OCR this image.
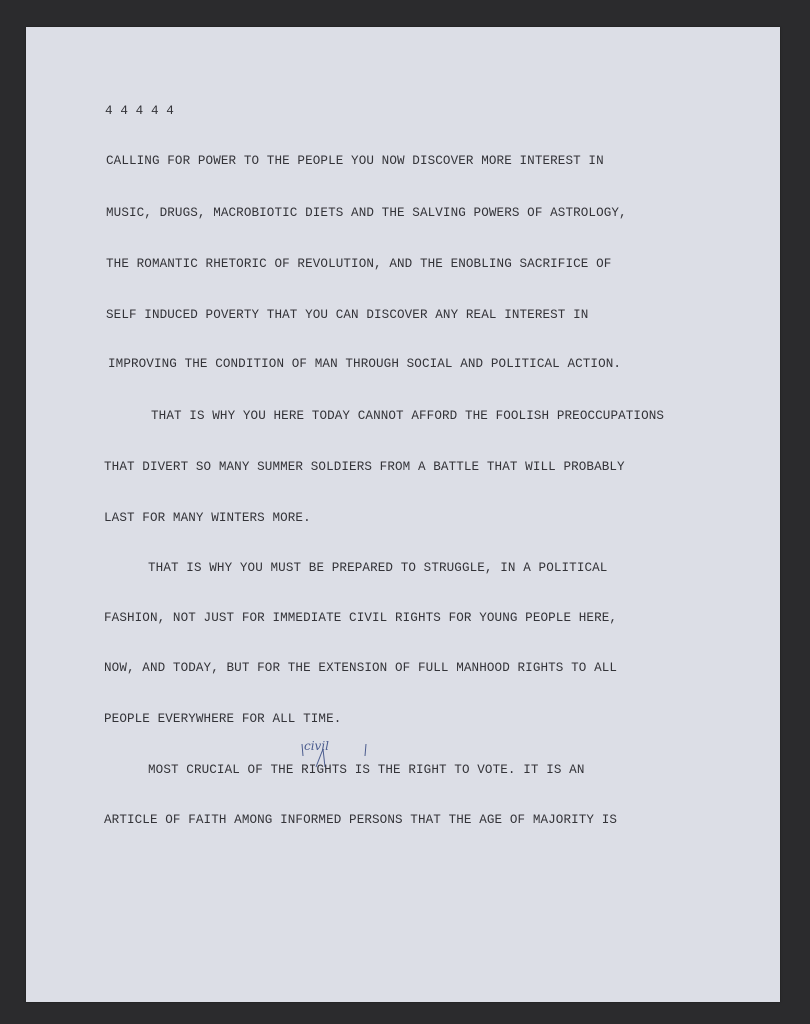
4 4 4 4 4
CALLING FOR POWER TO THE PEOPLE YOU NOW DISCOVER MORE INTEREST IN
MUSIC, DRUGS, MACROBIOTIC DIETS AND THE SALVING POWERS OF ASTROLOGY,
THE ROMANTIC RHETORIC OF REVOLUTION, AND THE ENOBLING SACRIFICE OF
SELF INDUCED POVERTY THAT YOU CAN DISCOVER ANY REAL INTEREST IN
IMPROVING THE CONDITION OF MAN THROUGH SOCIAL AND POLITICAL ACTION.
THAT IS WHY YOU HERE TODAY CANNOT AFFORD THE FOOLISH PREOCCUPATIONS
THAT DIVERT SO MANY SUMMER SOLDIERS FROM A BATTLE THAT WILL PROBABLY
LAST FOR MANY WINTERS MORE.
THAT IS WHY YOU MUST BE PREPARED TO STRUGGLE, IN A POLITICAL
FASHION, NOT JUST FOR IMMEDIATE CIVIL RIGHTS FOR YOUNG PEOPLE HERE,
NOW, AND TODAY, BUT FOR THE EXTENSION OF FULL MANHOOD RIGHTS TO ALL
PEOPLE EVERYWHERE FOR ALL TIME.
civil
MOST CRUCIAL OF THE RIGHTS IS THE RIGHT TO VOTE. IT IS AN
ARTICLE OF FAITH AMONG INFORMED PERSONS THAT THE AGE OF MAJORITY IS
